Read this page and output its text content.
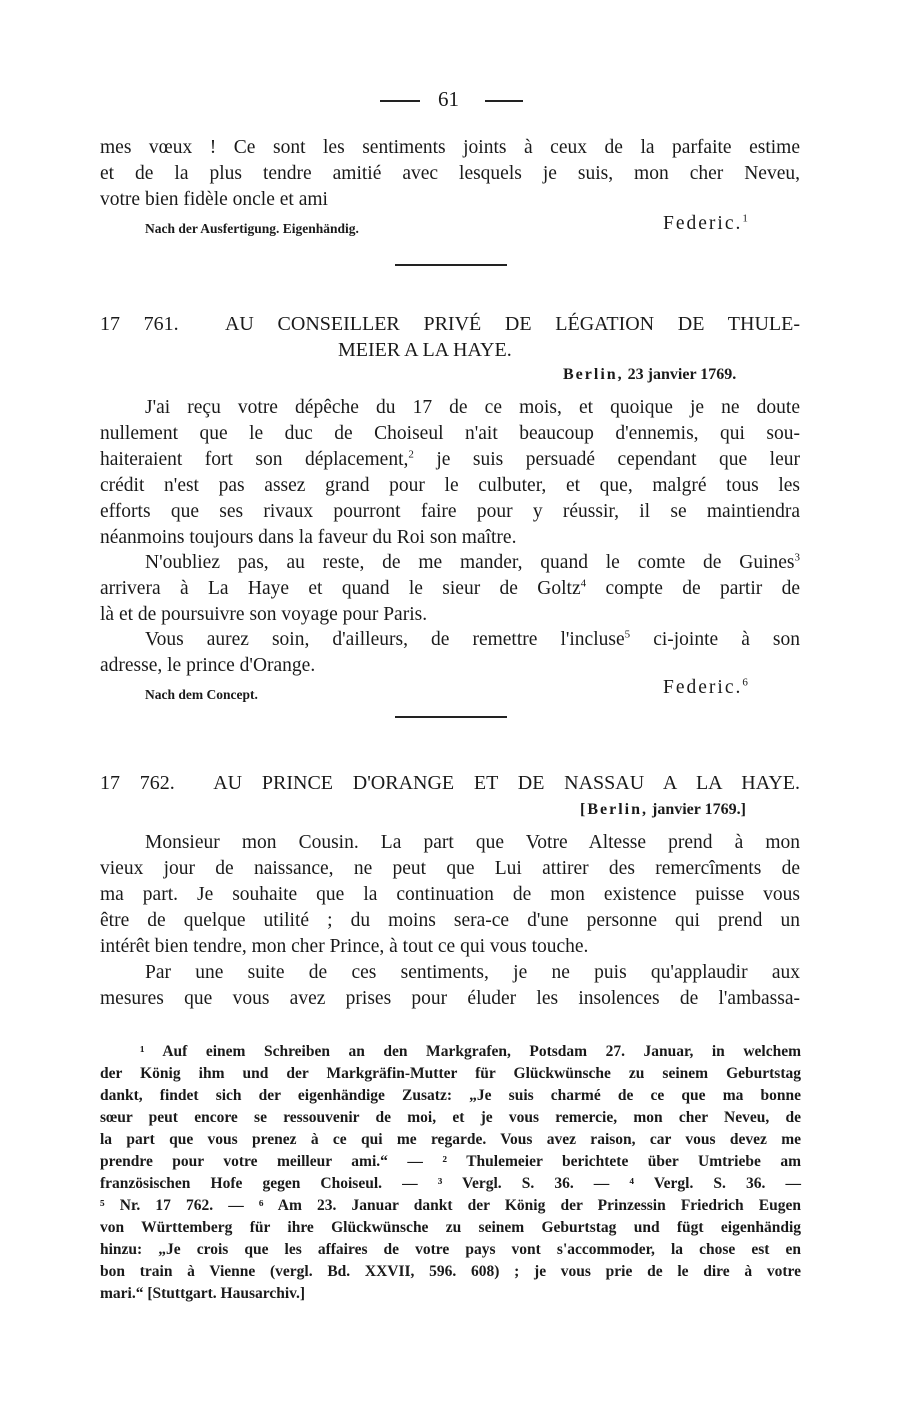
61
mes vœux ! Ce sont les sentiments joints à ceux de la parfaite estime
et de la plus tendre amitié avec lesquels je suis, mon cher Neveu,
votre bien fidèle oncle et ami
Nach der Ausfertigung. Eigenhändig.	Federic.$^1$
17 761. AU CONSEILLER PRIVÉ DE LÉGATION DE THULE-
MEIER A LA HAYE.
Berlin, 23 janvier 1769.
J'ai reçu votre dépêche du 17 de ce mois, et quoique je ne doute
nullement que le duc de Choiseul n'ait beaucoup d'ennemis, qui sou-
haiteraient fort son déplacement,$^2$ je suis persuadé cependant que leur
crédit n'est pas assez grand pour le culbuter, et que, malgré tous les
efforts que ses rivaux pourront faire pour y réussir, il se maintiendra
néanmoins toujours dans la faveur du Roi son maître.
N'oubliez pas, au reste, de me mander, quand le comte de Guines$^3$
arrivera à La Haye et quand le sieur de Goltz$^4$ compte de partir de
là et de poursuivre son voyage pour Paris.
Vous aurez soin, d'ailleurs, de remettre l'incluse$^5$ ci-jointe à son
adresse, le prince d'Orange.
Nach dem Concept.	Federic.$^6$
17 762. AU PRINCE D'ORANGE ET DE NASSAU A LA HAYE.
[Berlin, janvier 1769.]
Monsieur mon Cousin. La part que Votre Altesse prend à mon
vieux jour de naissance, ne peut que Lui attirer des remercîments de
ma part. Je souhaite que la continuation de mon existence puisse vous
être de quelque utilité ; du moins sera-ce d'une personne qui prend un
intérêt bien tendre, mon cher Prince, à tout ce qui vous touche.
Par une suite de ces sentiments, je ne puis qu'applaudir aux
mesures que vous avez prises pour éluder les insolences de l'ambassa-
¹ Auf einem Schreiben an den Markgrafen, Potsdam 27. Januar, in welchem
der König ihm und der Markgräfin-Mutter für Glückwünsche zu seinem Geburtstag
dankt, findet sich der eigenhändige Zusatz: „Je suis charmé de ce que ma bonne
sœur peut encore se ressouvenir de moi, et je vous remercie, mon cher Neveu, de
la part que vous prenez à ce qui me regarde. Vous avez raison, car vous devez me
prendre pour votre meilleur ami.“ — ² Thulemeier berichtete über Umtriebe am
französischen Hofe gegen Choiseul. — ³ Vergl. S. 36. — ⁴ Vergl. S. 36. —
⁵ Nr. 17 762. — ⁶ Am 23. Januar dankt der König der Prinzessin Friedrich Eugen
von Württemberg für ihre Glückwünsche zu seinem Geburtstag und fügt eigenhändig
hinzu: „Je crois que les affaires de votre pays vont s'accommoder, la chose est en
bon train à Vienne (vergl. Bd. XXVII, 596. 608) ; je vous prie de le dire à votre
mari.“ [Stuttgart. Hausarchiv.]
